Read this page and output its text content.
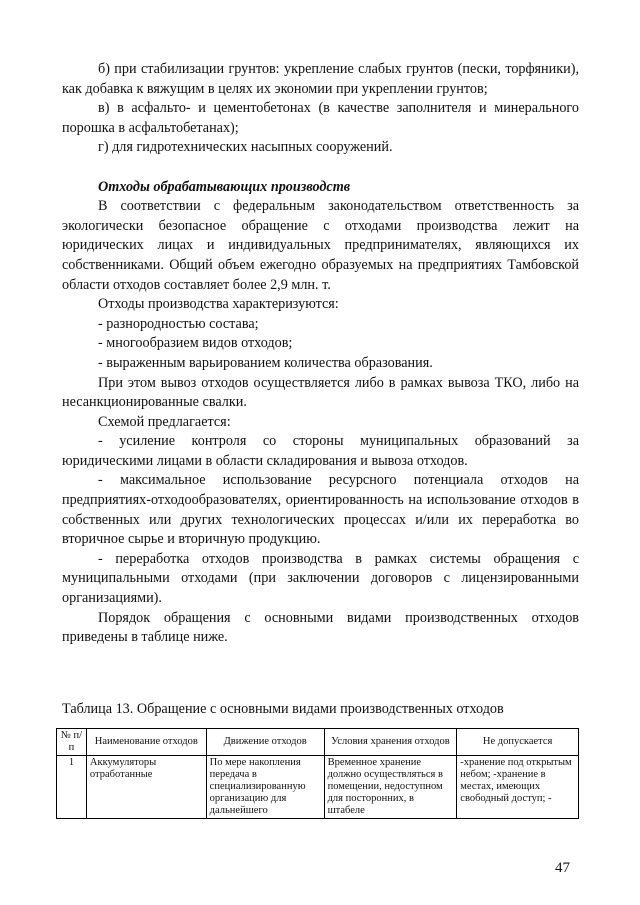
б) при стабилизации грунтов: укрепление слабых грунтов (пески, торфяники), как добавка к вяжущим в целях их экономии при укреплении грунтов;

в) в асфальто- и цементобетонах (в качестве заполнителя и минерального порошка в асфальтобетанах);

г) для гидротехнических насыпных сооружений.

Отходы обрабатывающих производств

В соответствии с федеральным законодательством ответственность за экологически безопасное обращение с отходами производства лежит на юридических лицах и индивидуальных предпринимателях, являющихся их собственниками. Общий объем ежегодно образуемых на предприятиях Тамбовской области отходов составляет более 2,9 млн. т.

Отходы производства характеризуются:

- разнородностью состава;

- многообразием видов отходов;

- выраженным варьированием количества образования.

При этом вывоз отходов осуществляется либо в рамках вывоза ТКО, либо на несанкционированные свалки.

Схемой предлагается:

- усиление контроля со стороны муниципальных образований за юридическими лицами в области складирования и вывоза отходов.

- максимальное использование ресурсного потенциала отходов на предприятиях-отходообразователях, ориентированность на использование отходов в собственных или других технологических процессах и/или их переработка во вторичное сырье и вторичную продукцию.

- переработка отходов производства в рамках системы обращения с муниципальными отходами (при заключении договоров с лицензированными организациями).

Порядок обращения с основными видами производственных отходов приведены в таблице ниже.

Таблица 13. Обращение с основными видами производственных отходов
№ п/п	Наименование отходов	Движение отходов	Условия хранения отходов	Не допускается
1	Аккумуляторы отработанные	По мере накопления передача в специализированную организацию для дальнейшего	Временное хранение должно осуществляться в помещении, недоступном для посторонних, в штабеле	-хранение под открытым небом; -хранение в местах, имеющих свободный доступ; -
47
